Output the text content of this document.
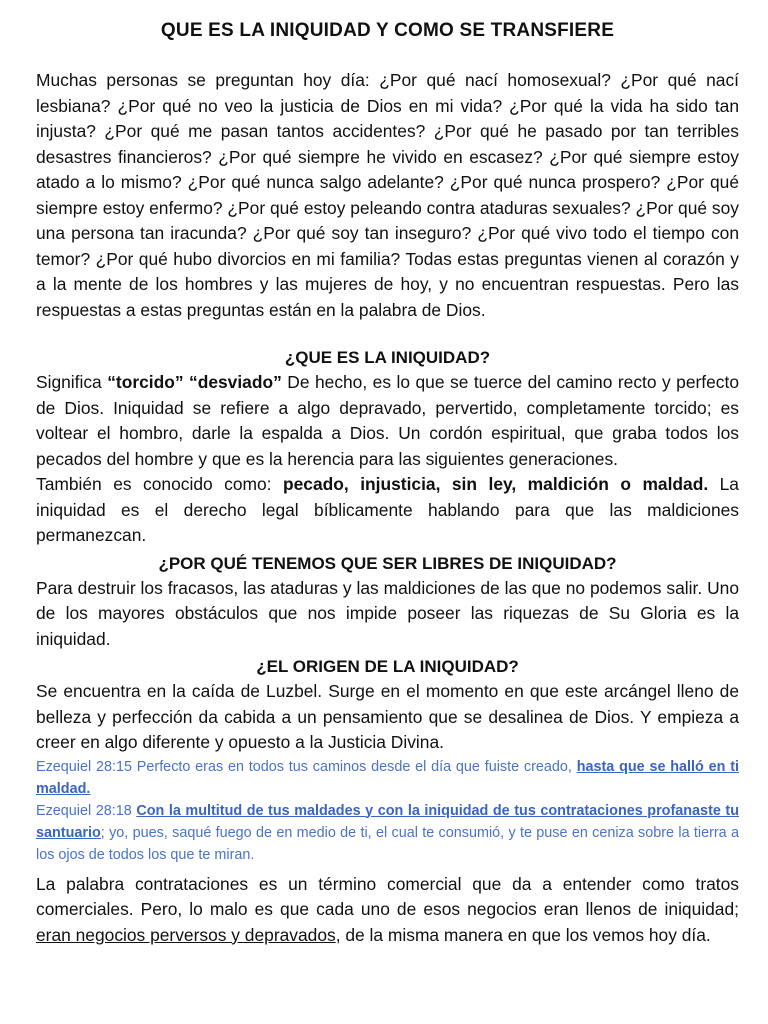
QUE ES LA INIQUIDAD Y COMO SE TRANSFIERE

Muchas personas se preguntan hoy día: ¿Por qué nací homosexual? ¿Por qué nací lesbiana? ¿Por qué no veo la justicia de Dios en mi vida? ¿Por qué la vida ha sido tan injusta? ¿Por qué me pasan tantos accidentes? ¿Por qué he pasado por tan terribles desastres financieros? ¿Por qué siempre he vivido en escasez? ¿Por qué siempre estoy atado a lo mismo? ¿Por qué nunca salgo adelante? ¿Por qué nunca prospero? ¿Por qué siempre estoy enfermo? ¿Por qué estoy peleando contra ataduras sexuales? ¿Por qué soy una persona tan iracunda? ¿Por qué soy tan inseguro? ¿Por qué vivo todo el tiempo con temor? ¿Por qué hubo divorcios en mi familia? Todas estas preguntas vienen al corazón y a la mente de los hombres y las mujeres de hoy, y no encuentran respuestas. Pero las respuestas a estas preguntas están en la palabra de Dios.

¿QUE ES LA INIQUIDAD?

Significa “torcido” “desviado” De hecho, es lo que se tuerce del camino recto y perfecto de Dios. Iniquidad se refiere a algo depravado, pervertido, completamente torcido; es voltear el hombro, darle la espalda a Dios. Un cordón espiritual, que graba todos los pecados del hombre y que es la herencia para las siguientes generaciones.

También es conocido como: pecado, injusticia, sin ley, maldición o maldad. La iniquidad es el derecho legal bíblicamente hablando para que las maldiciones permanezcan.

¿POR QUÉ TENEMOS QUE SER LIBRES DE INIQUIDAD?

Para destruir los fracasos, las ataduras y las maldiciones de las que no podemos salir. Uno de los mayores obstáculos que nos impide poseer las riquezas de Su Gloria es la iniquidad.

¿EL ORIGEN DE LA INIQUIDAD?

Se encuentra en la caída de Luzbel. Surge en el momento en que este arcángel lleno de belleza y perfección da cabida a un pensamiento que se desalinea de Dios. Y empieza a creer en algo diferente y opuesto a la Justicia Divina.

Ezequiel 28:15 Perfecto eras en todos tus caminos desde el día que fuiste creado, hasta que se halló en ti maldad.

Ezequiel 28:18 Con la multitud de tus maldades y con la iniquidad de tus contrataciones profanaste tu santuario; yo, pues, saqué fuego de en medio de ti, el cual te consumió, y te puse en ceniza sobre la tierra a los ojos de todos los que te miran.

La palabra contrataciones es un término comercial que da a entender como tratos comerciales. Pero, lo malo es que cada uno de esos negocios eran llenos de iniquidad; eran negocios perversos y depravados, de la misma manera en que los vemos hoy día.
